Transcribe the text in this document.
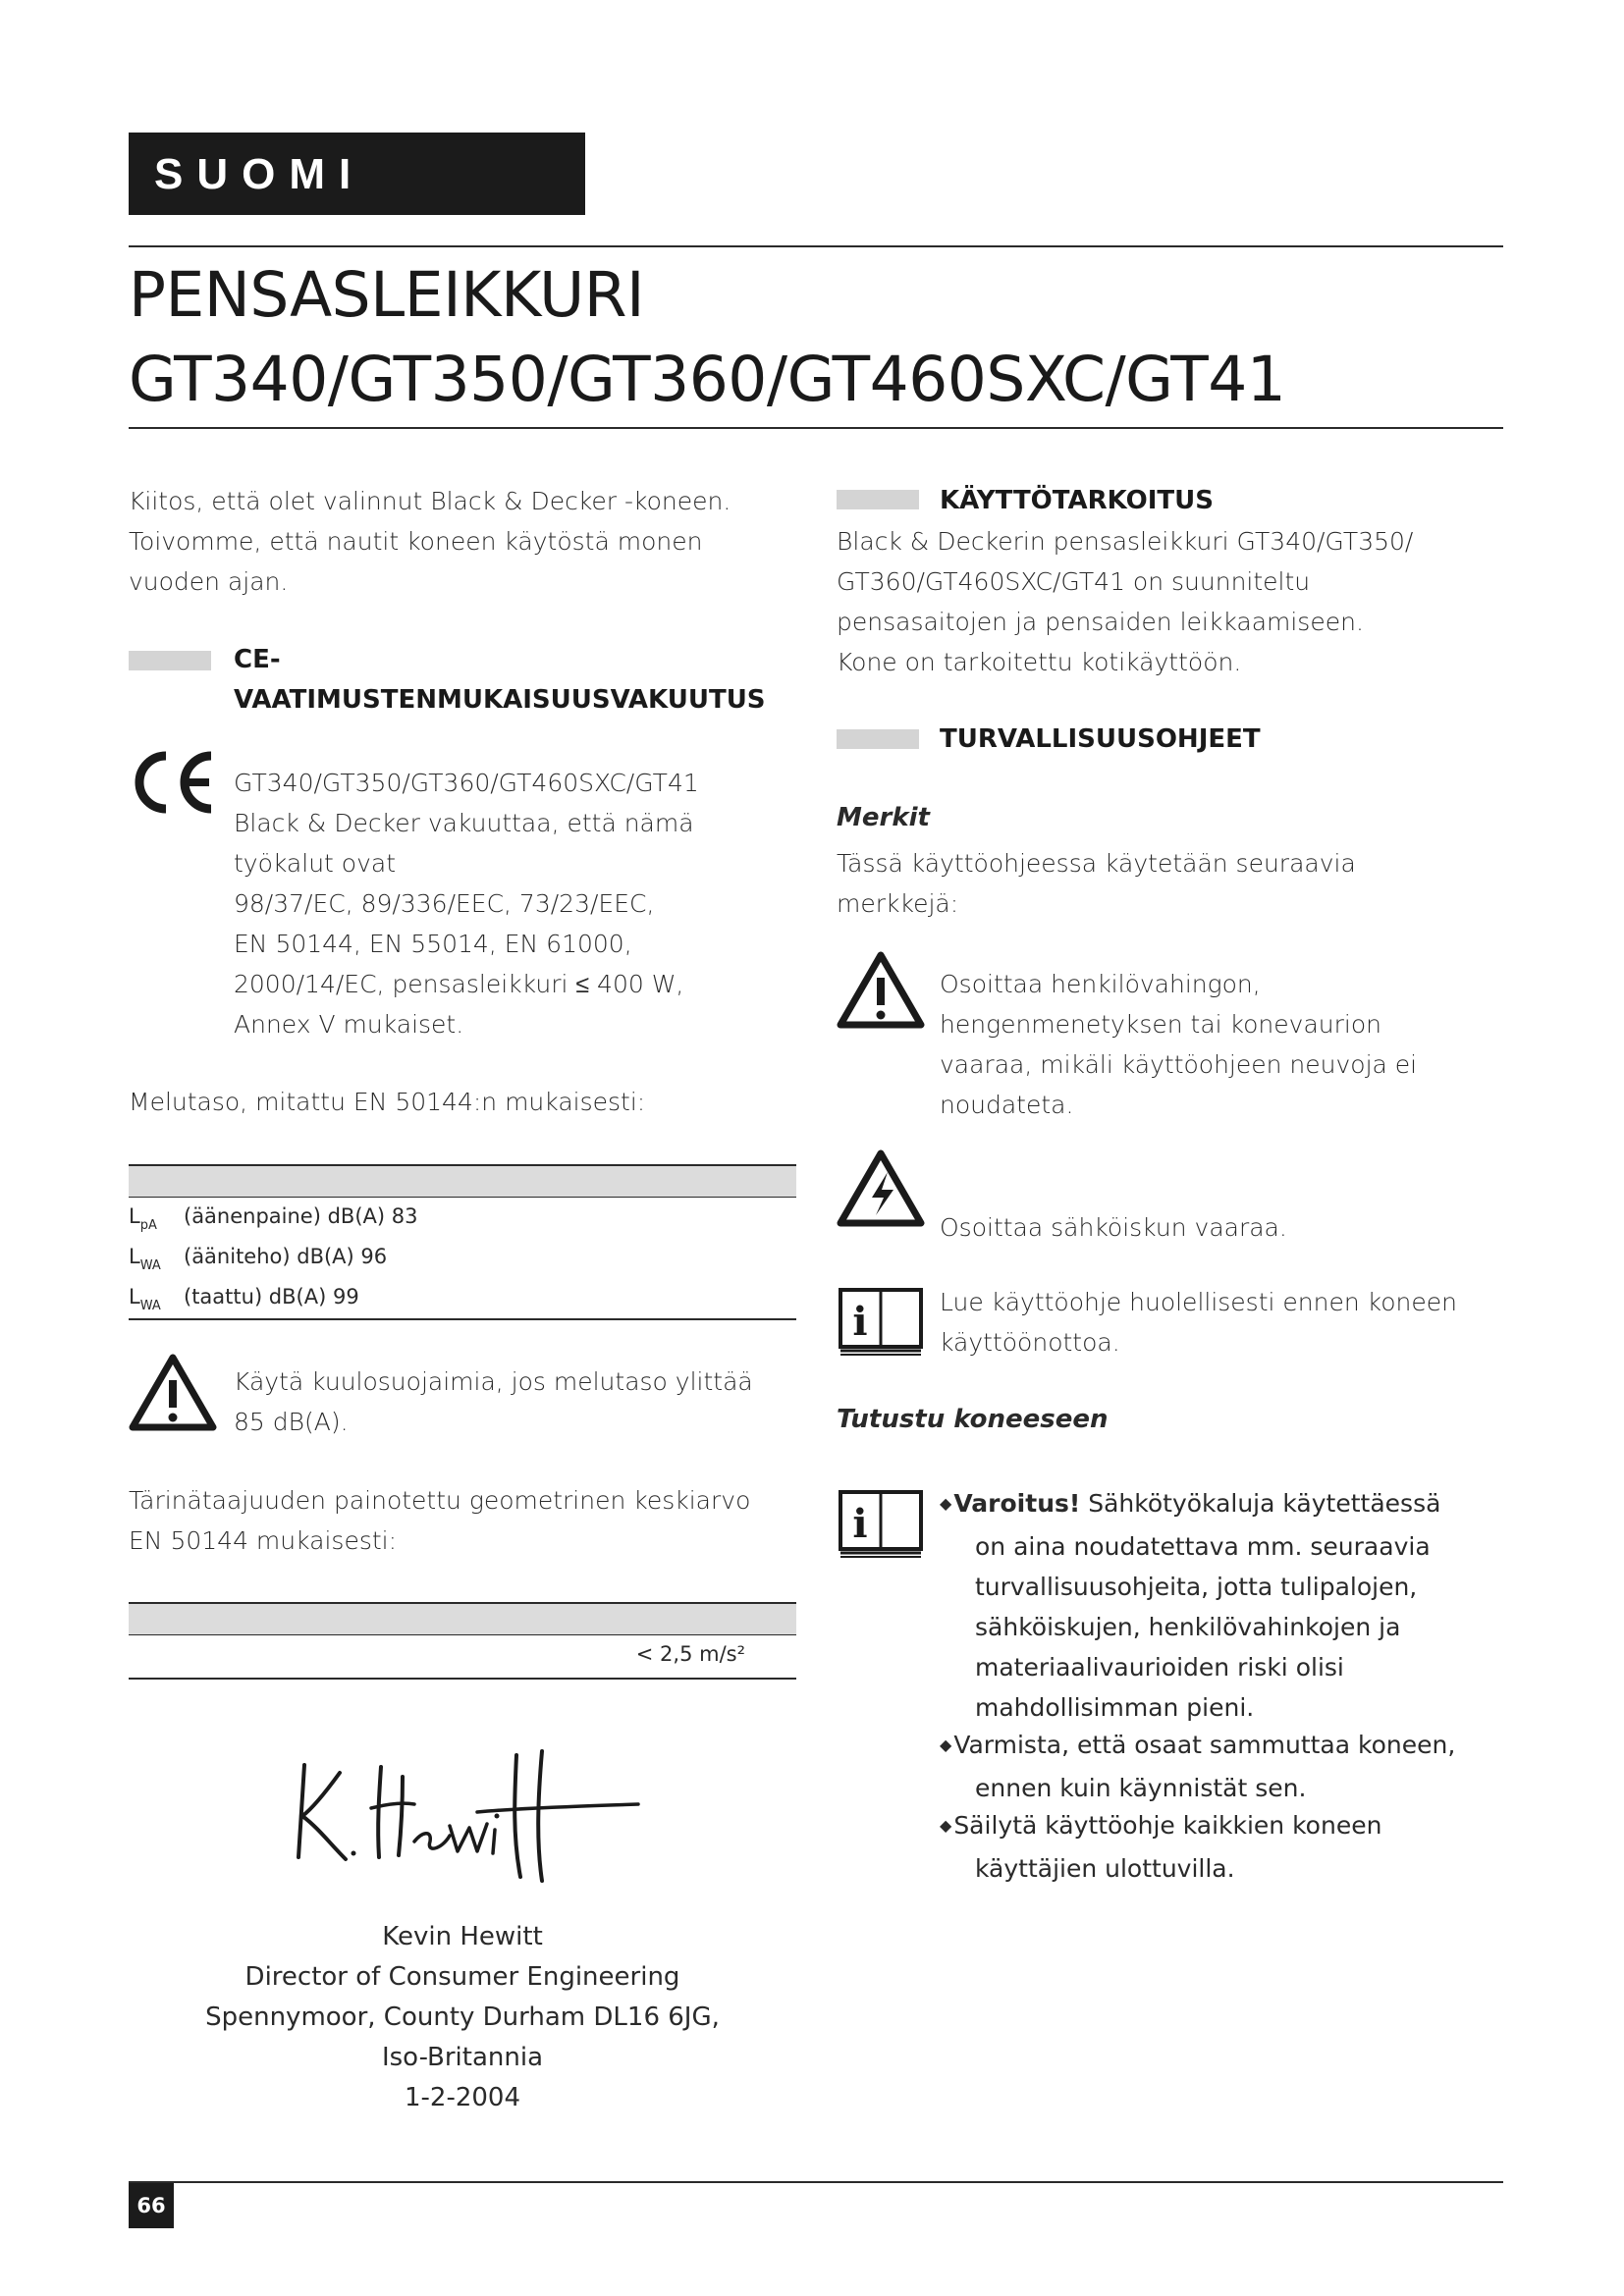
SUOMI
PENSASLEIKKURI
GT340/GT350/GT360/GT460SXC/GT41
Kiitos, että olet valinnut Black & Decker -koneen.
Toivomme, että nautit koneen käytöstä monen
vuoden ajan.
CE-
VAATIMUSTENMUKAISUUSVAKUUTUS
GT340/GT350/GT360/GT460SXC/GT41
Black & Decker vakuuttaa, että nämä
työkalut ovat
98/37/EC, 89/336/EEC, 73/23/EEC,
EN 50144, EN 55014, EN 61000,
2000/14/EC, pensasleikkuri ≤ 400 W,
Annex V mukaiset.
Melutaso, mitattu EN 50144:n mukaisesti:
$L_{pA}$ (äänenpaine) dB(A) 83
$L_{WA}$ (ääniteho) dB(A) 96
$L_{WA}$ (taattu) dB(A) 99
Käytä kuulosuojaimia, jos melutaso ylittää
85 dB(A).
Tärinätaajuuden painotettu geometrinen keskiarvo
EN 50144 mukaisesti:
< 2,5 m/s²
Kevin Hewitt
Director of Consumer Engineering
Spennymoor, County Durham DL16 6JG,
Iso-Britannia
1-2-2004
KÄYTTÖTARKOITUS
Black & Deckerin pensasleikkuri GT340/GT350/
GT360/GT460SXC/GT41 on suunniteltu
pensasaitojen ja pensaiden leikkaamiseen.
Kone on tarkoitettu kotikäyttöön.
TURVALLISUUSOHJEET
Merkit
Tässä käyttöohjeessa käytetään seuraavia
merkkejä:
Osoittaa henkilövahingon,
hengenmenetyksen tai konevaurion
vaaraa, mikäli käyttöohjeen neuvoja ei
noudateta.
Osoittaa sähköiskun vaaraa.
i	Lue käyttöohje huolellisesti ennen koneen
käyttöönottoa.
Tutustu koneeseen
i	◆Varoitus! Sähkötyökaluja käytettäessä
on aina noudatettava mm. seuraavia
turvallisuusohjeita, jotta tulipalojen,
sähköiskujen, henkilövahinkojen ja
materiaalivaurioiden riski olisi
mahdollisimman pieni.
◆Varmista, että osaat sammuttaa koneen,
ennen kuin käynnistät sen.
◆Säilytä käyttöohje kaikkien koneen
käyttäjien ulottuvilla.
66
